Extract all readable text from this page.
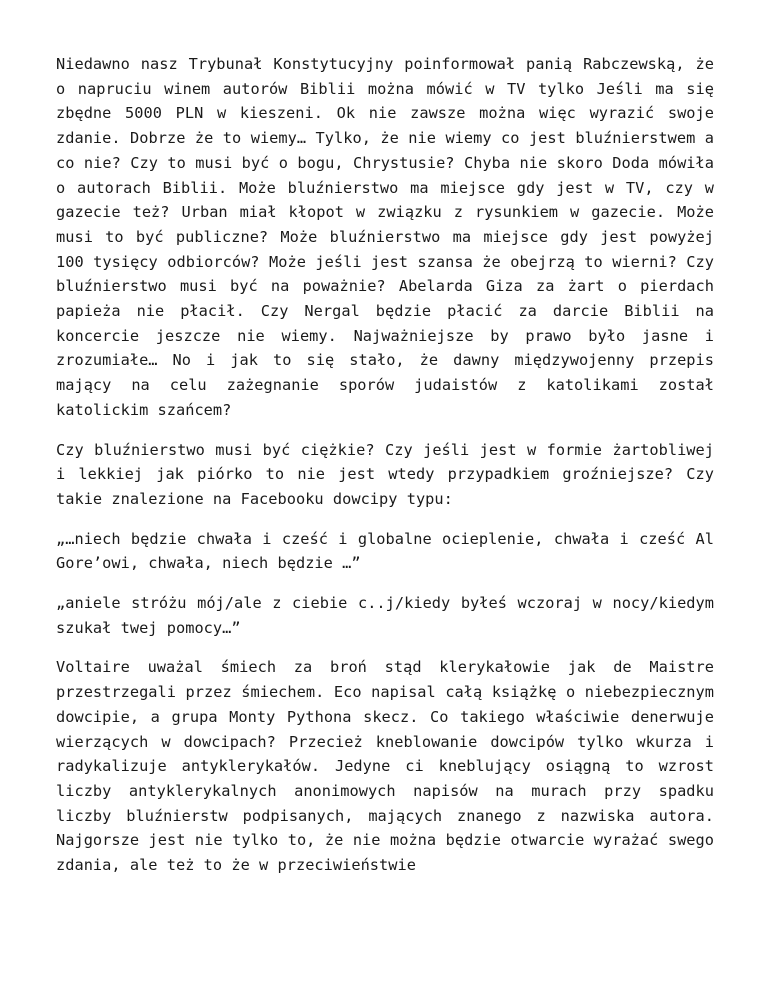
Niedawno nasz Trybunał Konstytucyjny poinformował panią Rabczewską, że o napruciu winem autorów Biblii można mówić w TV tylko Jeśli ma się zbędne 5000 PLN w kieszeni. Ok nie zawsze można więc wyrazić swoje zdanie. Dobrze że to wiemy… Tylko, że nie wiemy co jest bluźnierstwem a co nie? Czy to musi być o bogu, Chrystusie? Chyba nie skoro Doda mówiła o autorach Biblii. Może bluźnierstwo ma miejsce gdy jest w TV, czy w gazecie też? Urban miał kłopot w związku z rysunkiem w gazecie. Może musi to być publiczne? Może bluźnierstwo ma miejsce gdy jest powyżej 100 tysięcy odbiorców? Może jeśli jest szansa że obejrzą to wierni? Czy bluźnierstwo musi być na poważnie? Abelarda Giza za żart o pierdach papieża nie płacił. Czy Nergal będzie płacić za darcie Biblii na koncercie jeszcze nie wiemy. Najważniejsze by prawo było jasne i zrozumiałe… No i jak to się stało, że dawny międzywojenny przepis mający na celu zażegnanie sporów judaistów z katolikami został katolickim szańcem?

Czy bluźnierstwo musi być ciężkie? Czy jeśli jest w formie żartobliwej i lekkiej jak piórko to nie jest wtedy przypadkiem groźniejsze? Czy takie znalezione na Facebooku dowcipy typu:

„…niech będzie chwała i cześć i globalne ocieplenie, chwała i cześć Al Gore’owi, chwała, niech będzie …”

„aniele stróżu mój/ale z ciebie c..j/kiedy byłeś wczoraj w nocy/kiedym szukał twej pomocy…”

Voltaire uważal śmiech za broń stąd klerykałowie jak de Maistre przestrzegali przez śmiechem. Eco napisal całą książkę o niebezpiecznym dowcipie, a grupa Monty Pythona skecz. Co takiego właściwie denerwuje wierzących w dowcipach? Przecież kneblowanie dowcipów tylko wkurza i radykalizuje antyklerykałów. Jedyne ci kneblujący osiągną to wzrost liczby antyklerykalnych anonimowych napisów na murach przy spadku liczby bluźnierstw podpisanych, mających znanego z nazwiska autora. Najgorsze jest nie tylko to, że nie można będzie otwarcie wyrażać swego zdania, ale też to że w przeciwieństwie
